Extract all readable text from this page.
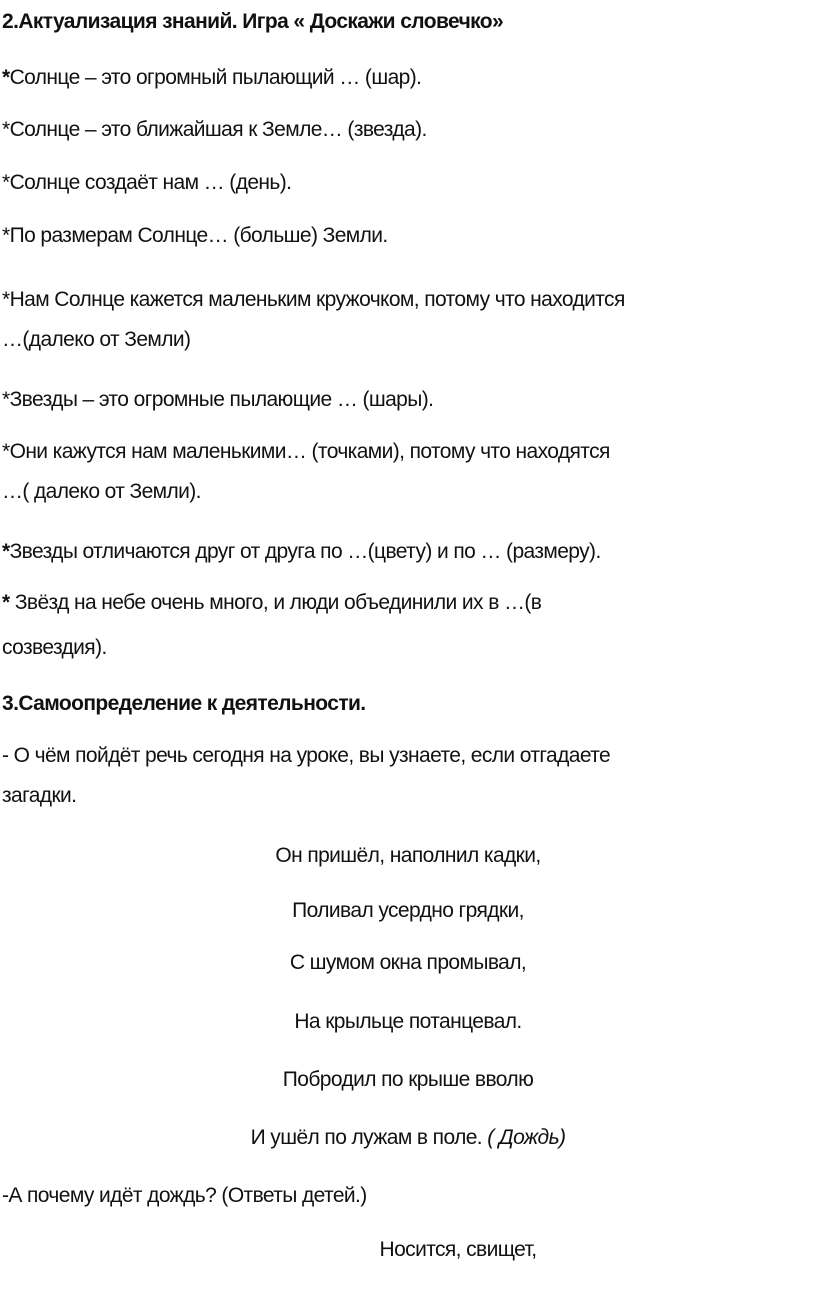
2.Актуализация знаний. Игра « Доскажи словечко»
*Солнце – это огромный пылающий … (шар).
*Солнце – это ближайшая к Земле… (звезда).
*Солнце создаёт нам … (день).
*По размерам Солнце… (больше) Земли.
*Нам Солнце кажется маленьким кружочком, потому что находится
…(далеко от Земли)
*Звезды – это огромные пылающие … (шары).
*Они кажутся нам маленькими… (точками), потому что находятся
…( далеко от Земли).
*Звезды отличаются друг от друга по …(цвету) и по … (размеру).
* Звёзд на небе очень много, и люди объединили их в …(в
созвездия).
3.Самоопределение к деятельности.
- О чём пойдёт речь сегодня на уроке, вы узнаете, если отгадаете
загадки.
Он пришёл, наполнил кадки,
Поливал усердно грядки,
С шумом окна промывал,
На крыльце потанцевал.
Побродил по крыше вволю
И ушёл по лужам в поле. ( Дождь)
-А почему идёт дождь? (Ответы детей.)
Носится, свищет,
